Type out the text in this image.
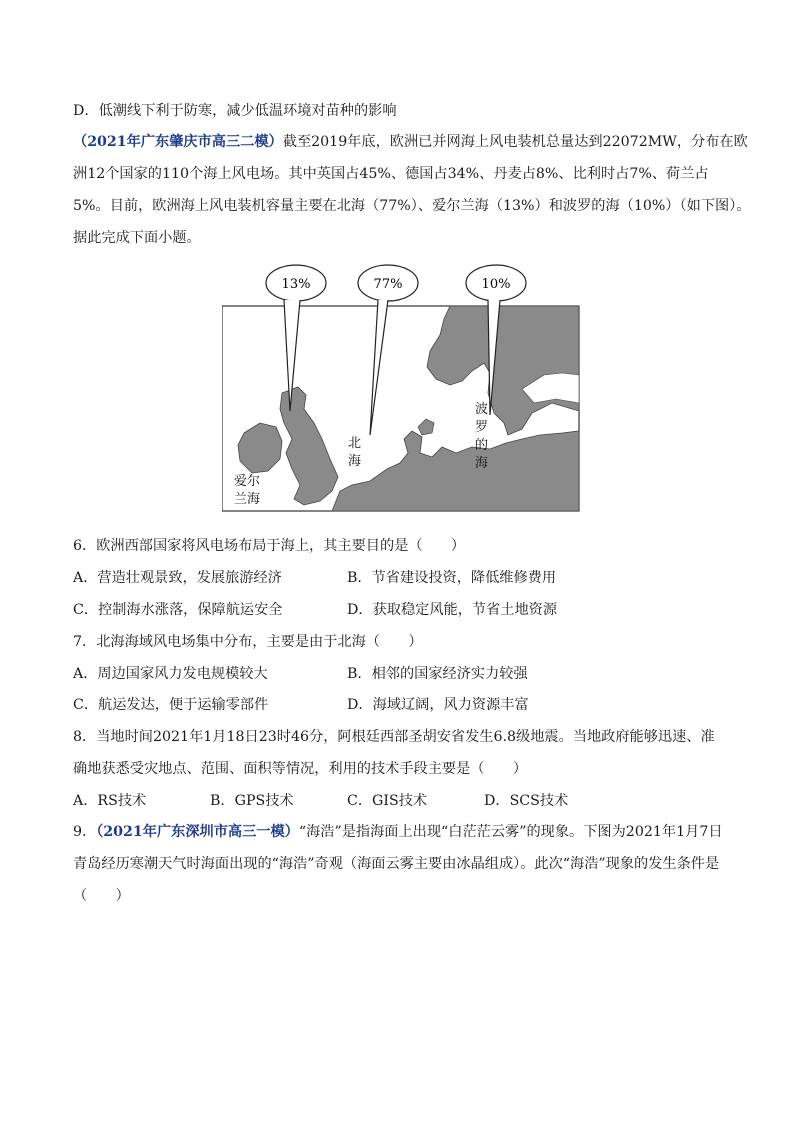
D．低潮线下利于防寒，减少低温环境对苗种的影响
（2021年广东肇庆市高三二模）截至2019年底，欧洲已并网海上风电装机总量达到22072MW，分布在欧
洲12个国家的110个海上风电场。其中英国占45%、德国占34%、丹麦占8%、比利时占7%、荷兰占
5%。目前，欧洲海上风电装机容量主要在北海（77%）、爱尔兰海（13%）和波罗的海（10%）（如下图）。
据此完成下面小题。
13%	77%	10%
北
海
爱尔
兰海
波
罗
的
海
6．欧洲西部国家将风电场布局于海上，其主要目的是（　　）
A．营造壮观景致，发展旅游经济	B．节省建设投资，降低维修费用
C．控制海水涨落，保障航运安全	D．获取稳定风能，节省土地资源
7．北海海域风电场集中分布，主要是由于北海（　　）
A．周边国家风力发电规模较大	B．相邻的国家经济实力较强
C．航运发达，便于运输零部件	D．海域辽阔，风力资源丰富
8．当地时间2021年1月18日23时46分，阿根廷西部圣胡安省发生6.8级地震。当地政府能够迅速、准
确地获悉受灾地点、范围、面积等情况，利用的技术手段主要是（　　）
A．RS技术	B．GPS技术	C．GIS技术	D．SCS技术
9．（2021年广东深圳市高三一模）“海浩”是指海面上出现“白茫茫云雾”的现象。下图为2021年1月7日
青岛经历寒潮天气时海面出现的“海浩”奇观（海面云雾主要由冰晶组成）。此次“海浩”现象的发生条件是
（　　）
